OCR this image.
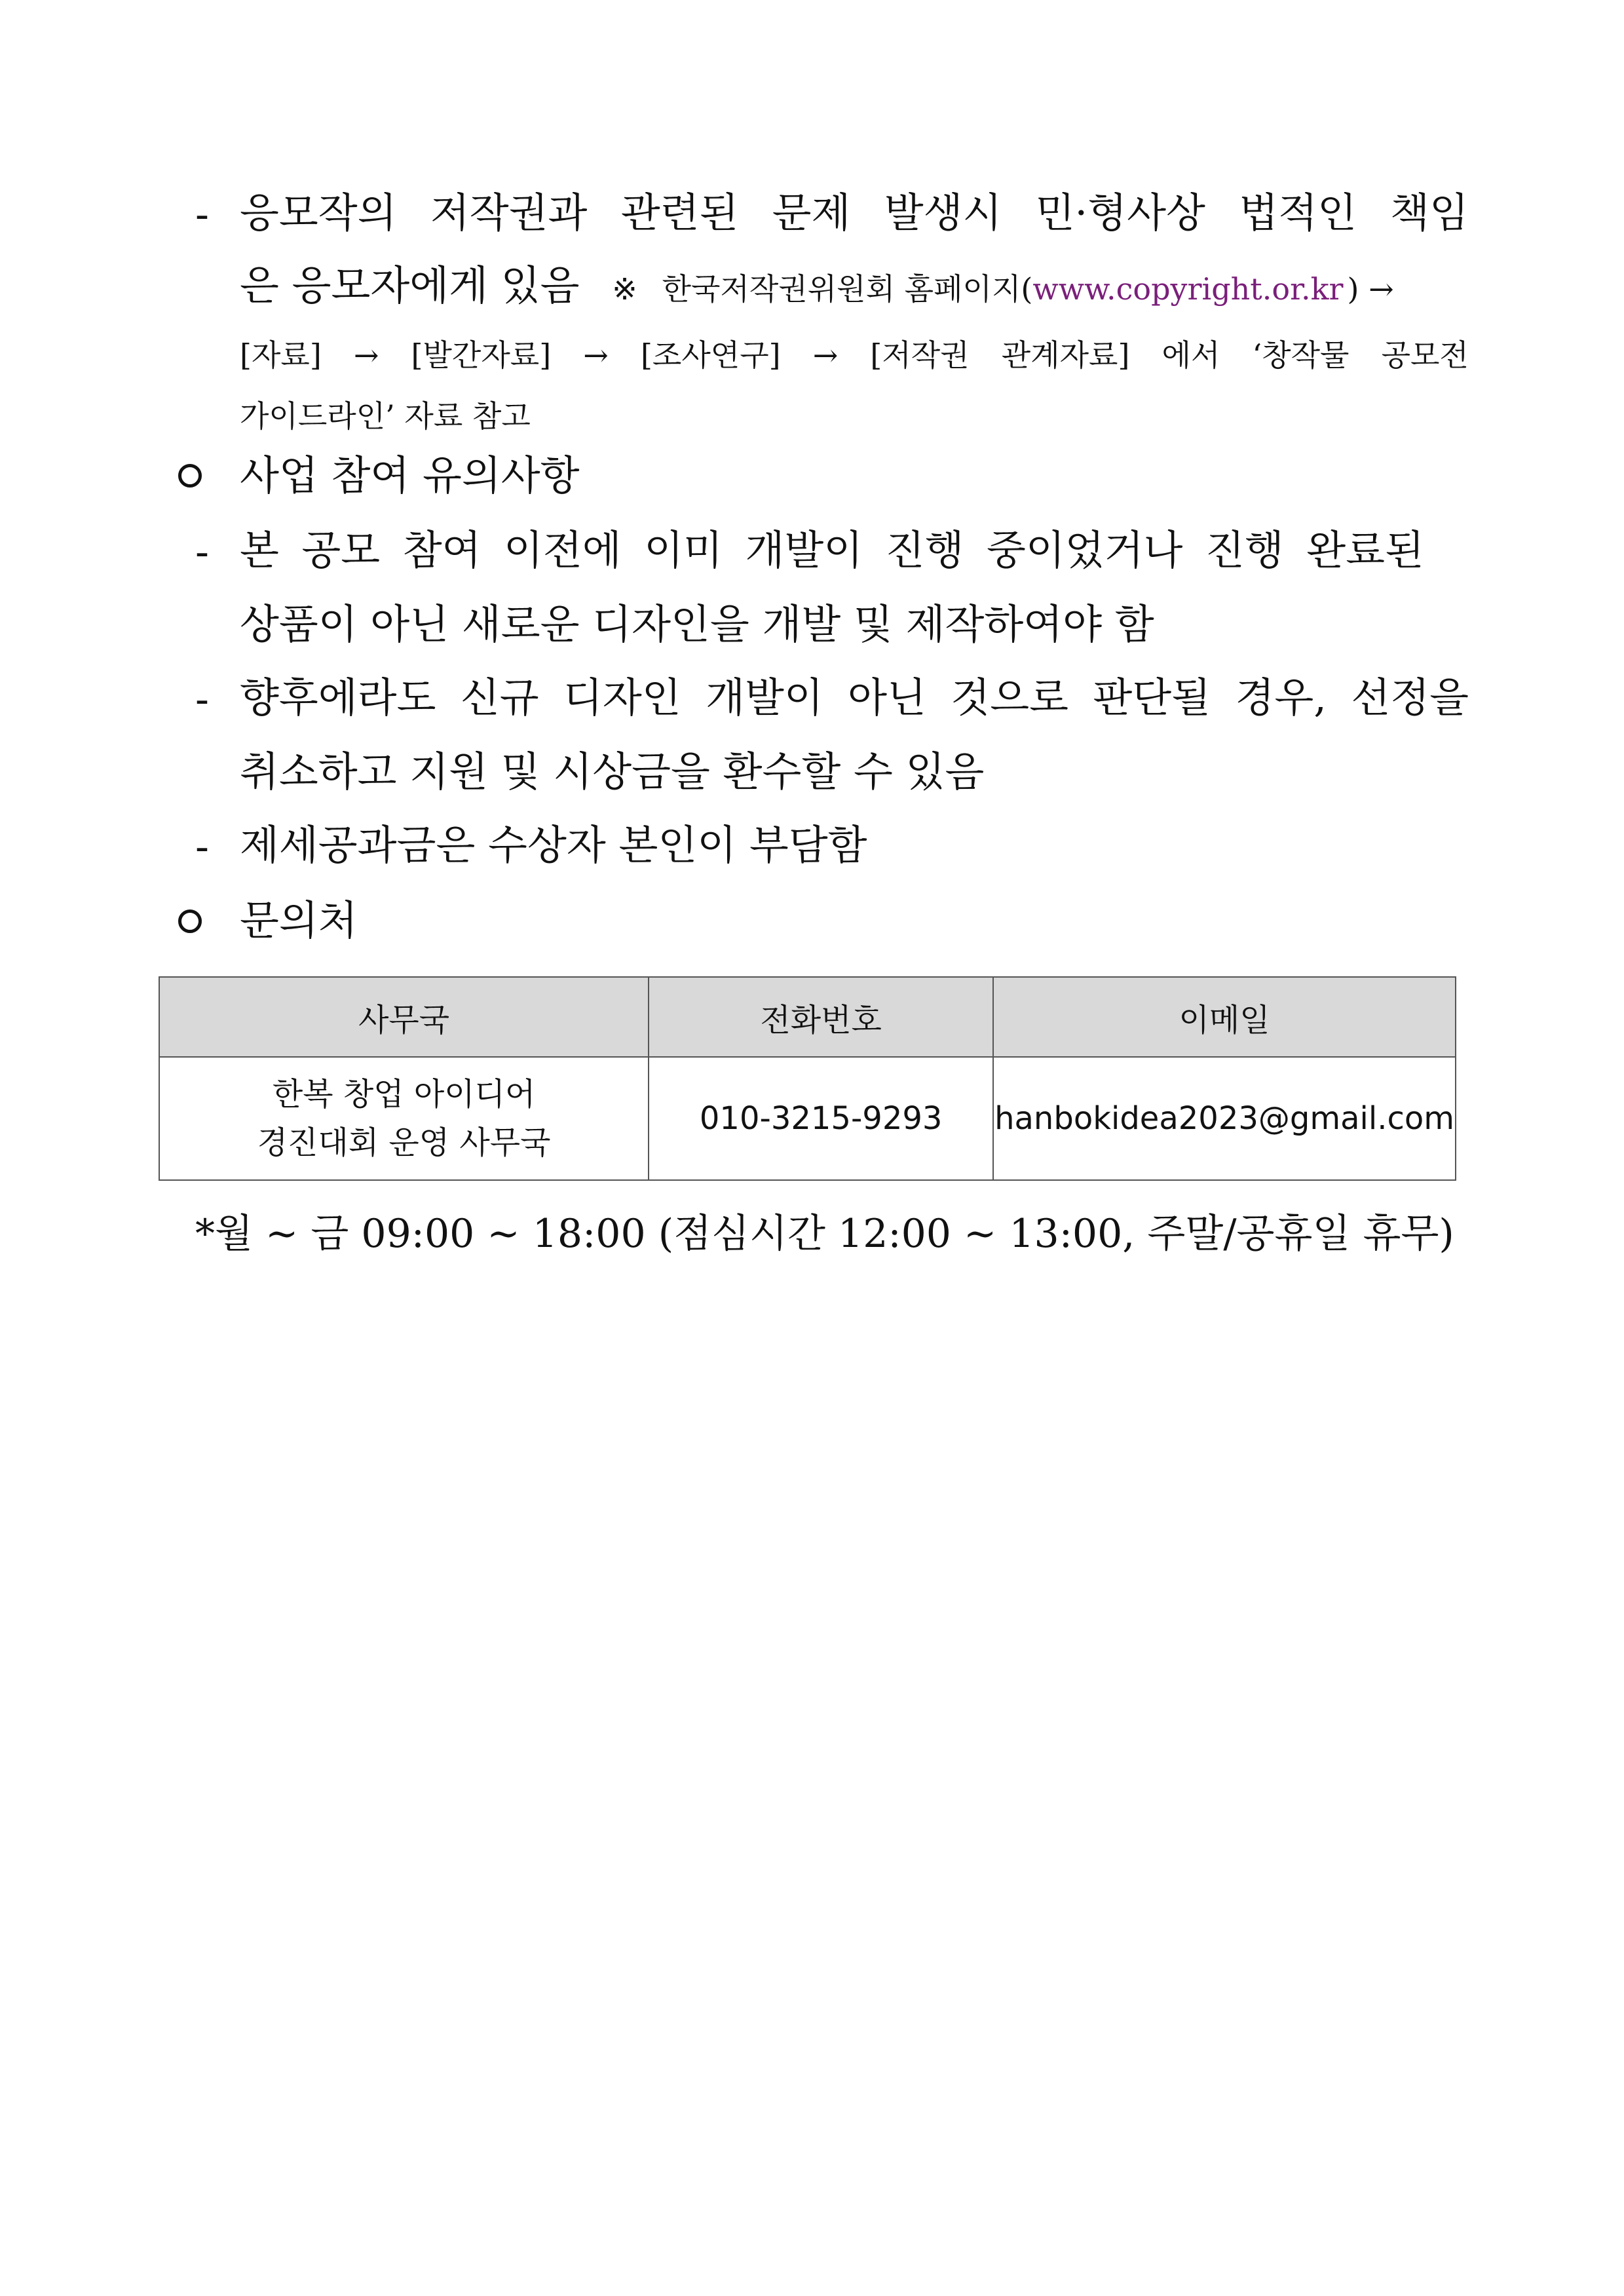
- 응모작의 저작권과 관련된 문제 발생시 민·형사상 법적인 책임
은 응모자에게 있음 ※ 한국저작권위원회 홈페이지(www.copyright.or.kr ) →
[자료] → [발간자료] → [조사연구] → [저작권 관계자료] 에서 ‘창작물 공모전
가이드라인’ 자료 참고
사업 참여 유의사항
- 본 공모 참여 이전에 이미 개발이 진행 중이었거나 진행 완료된
상품이 아닌 새로운 디자인을 개발 및 제작하여야 함
- 향후에라도 신규 디자인 개발이 아닌 것으로 판단될 경우, 선정을
취소하고 지원 및 시상금을 환수할 수 있음
- 제세공과금은 수상자 본인이 부담함
문의처
사무국	전화번호	이메일

한복 창업 아이디어
경진대회 운영 사무국	010-3215-9293	hanbokidea2023@gmail.com
*월 ~ 금 09:00 ~ 18:00 (점심시간 12:00 ~ 13:00, 주말/공휴일 휴무)
